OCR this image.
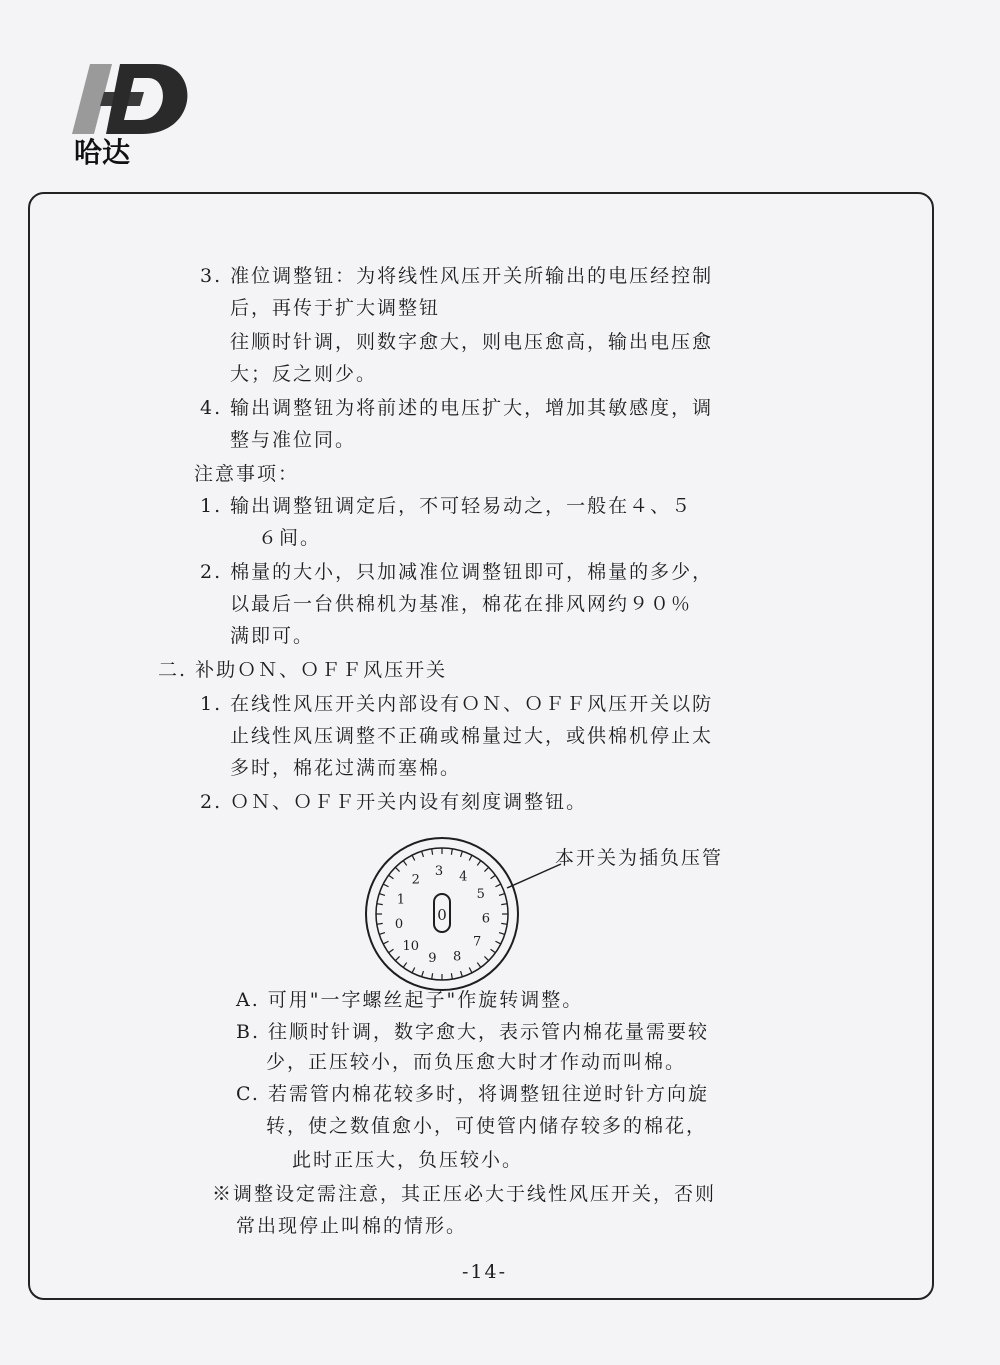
哈达
3. 准位调整钮：为将线性风压开关所输出的电压经控制
后，再传于扩大调整钮
往顺时针调，则数字愈大，则电压愈高，输出电压愈
大；反之则少。
4. 输出调整钮为将前述的电压扩大，增加其敏感度，调
整与准位同。
注意事项：
1. 输出调整钮调定后，不可轻易动之，一般在４、５
６间。
2. 棉量的大小，只加减准位调整钮即可，棉量的多少，
以最后一台供棉机为基准，棉花在排风网约９０％
满即可。
二. 补助ＯＮ、ＯＦＦ风压开关
1. 在线性风压开关内部设有ＯＮ、ＯＦＦ风压开关以防
止线性风压调整不正确或棉量过大，或供棉机停止太
多时，棉花过满而塞棉。
2. ＯＮ、ＯＦＦ开关内设有刻度调整钮。
0
1
2
3 4
5
6
7
8
9
10
0
本开关为插负压管
A. 可用"一字螺丝起子"作旋转调整。
B. 往顺时针调，数字愈大，表示管内棉花量需要较
少，正压较小，而负压愈大时才作动而叫棉。
C. 若需管内棉花较多时，将调整钮往逆时针方向旋
转，使之数值愈小，可使管内储存较多的棉花，
此时正压大，负压较小。
※调整设定需注意，其正压必大于线性风压开关，否则
常出现停止叫棉的情形。
-14-
